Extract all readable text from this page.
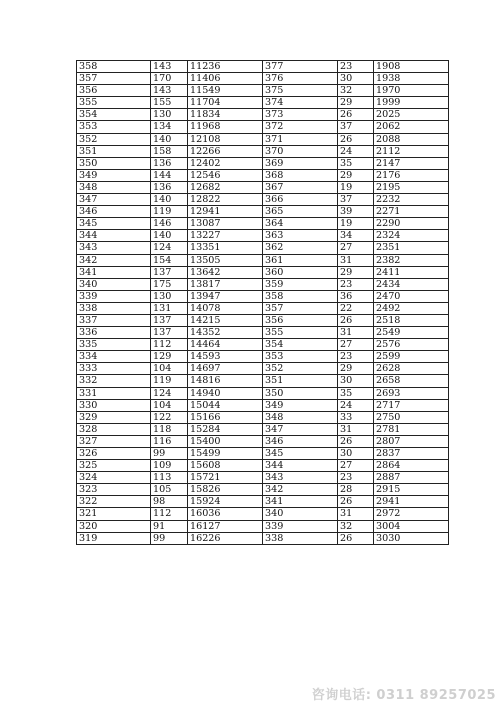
358	143	11236	377	23	1908
357	170	11406	376	30	1938
356	143	11549	375	32	1970
355	155	11704	374	29	1999
354	130	11834	373	26	2025
353	134	11968	372	37	2062
352	140	12108	371	26	2088
351	158	12266	370	24	2112
350	136	12402	369	35	2147
349	144	12546	368	29	2176
348	136	12682	367	19	2195
347	140	12822	366	37	2232
346	119	12941	365	39	2271
345	146	13087	364	19	2290
344	140	13227	363	34	2324
343	124	13351	362	27	2351
342	154	13505	361	31	2382
341	137	13642	360	29	2411
340	175	13817	359	23	2434
339	130	13947	358	36	2470
338	131	14078	357	22	2492
337	137	14215	356	26	2518
336	137	14352	355	31	2549
335	112	14464	354	27	2576
334	129	14593	353	23	2599
333	104	14697	352	29	2628
332	119	14816	351	30	2658
331	124	14940	350	35	2693
330	104	15044	349	24	2717
329	122	15166	348	33	2750
328	118	15284	347	31	2781
327	116	15400	346	26	2807
326	99	15499	345	30	2837
325	109	15608	344	27	2864
324	113	15721	343	23	2887
323	105	15826	342	28	2915
322	98	15924	341	26	2941
321	112	16036	340	31	2972
320	91	16127	339	32	3004
319	99	16226	338	26	3030
咨询电话: 0311 89257025
